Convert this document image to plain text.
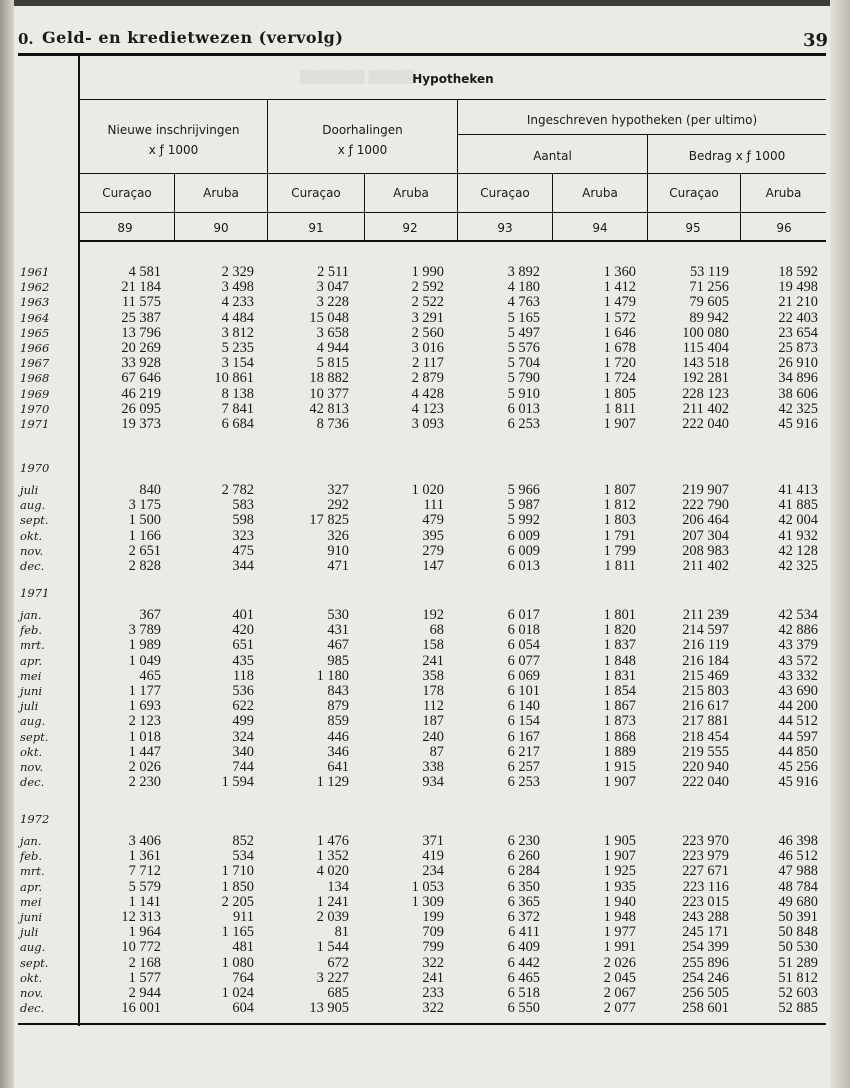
▒▒▒▒▒ ▒▒▒▒▒▒▒
0. Geld- en kredietwezen (vervolg)	39
Hypotheken
Nieuwe inschrijvingen
x ƒ 1000
Doorhalingen
x ƒ 1000
Ingeschreven hypotheken (per ultimo)
Aantal	Bedrag x ƒ 1000
Curaçao	Aruba	Curaçao	Aruba	Curaçao	Aruba	Curaçao	Aruba
89	90	91	92	93	94	95	96
1961	4 581	2 329	2 511	1 990	3 892	1 360	53 119	18 592
1962	21 184	3 498	3 047	2 592	4 180	1 412	71 256	19 498
1963	11 575	4 233	3 228	2 522	4 763	1 479	79 605	21 210
1964	25 387	4 484	15 048	3 291	5 165	1 572	89 942	22 403
1965	13 796	3 812	3 658	2 560	5 497	1 646	100 080	23 654
1966	20 269	5 235	4 944	3 016	5 576	1 678	115 404	25 873
1967	33 928	3 154	5 815	2 117	5 704	1 720	143 518	26 910
1968	67 646	10 861	18 882	2 879	5 790	1 724	192 281	34 896
1969	46 219	8 138	10 377	4 428	5 910	1 805	228 123	38 606
1970	26 095	7 841	42 813	4 123	6 013	1 811	211 402	42 325
1971	19 373	6 684	8 736	3 093	6 253	1 907	222 040	45 916
1970
juli	840	2 782	327	1 020	5 966	1 807	219 907	41 413
aug.	3 175	583	292	111	5 987	1 812	222 790	41 885
sept.	1 500	598	17 825	479	5 992	1 803	206 464	42 004
okt.	1 166	323	326	395	6 009	1 791	207 304	41 932
nov.	2 651	475	910	279	6 009	1 799	208 983	42 128
dec.	2 828	344	471	147	6 013	1 811	211 402	42 325
1971
jan.	367	401	530	192	6 017	1 801	211 239	42 534
feb.	3 789	420	431	68	6 018	1 820	214 597	42 886
mrt.	1 989	651	467	158	6 054	1 837	216 119	43 379
apr.	1 049	435	985	241	6 077	1 848	216 184	43 572
mei	465	118	1 180	358	6 069	1 831	215 469	43 332
juni	1 177	536	843	178	6 101	1 854	215 803	43 690
juli	1 693	622	879	112	6 140	1 867	216 617	44 200
aug.	2 123	499	859	187	6 154	1 873	217 881	44 512
sept.	1 018	324	446	240	6 167	1 868	218 454	44 597
okt.	1 447	340	346	87	6 217	1 889	219 555	44 850
nov.	2 026	744	641	338	6 257	1 915	220 940	45 256
dec.	2 230	1 594	1 129	934	6 253	1 907	222 040	45 916
1972
jan.	3 406	852	1 476	371	6 230	1 905	223 970	46 398
feb.	1 361	534	1 352	419	6 260	1 907	223 979	46 512
mrt.	7 712	1 710	4 020	234	6 284	1 925	227 671	47 988
apr.	5 579	1 850	134	1 053	6 350	1 935	223 116	48 784
mei	1 141	2 205	1 241	1 309	6 365	1 940	223 015	49 680
juni	12 313	911	2 039	199	6 372	1 948	243 288	50 391
juli	1 964	1 165	81	709	6 411	1 977	245 171	50 848
aug.	10 772	481	1 544	799	6 409	1 991	254 399	50 530
sept.	2 168	1 080	672	322	6 442	2 026	255 896	51 289
okt.	1 577	764	3 227	241	6 465	2 045	254 246	51 812
nov.	2 944	1 024	685	233	6 518	2 067	256 505	52 603
dec.	16 001	604	13 905	322	6 550	2 077	258 601	52 885
